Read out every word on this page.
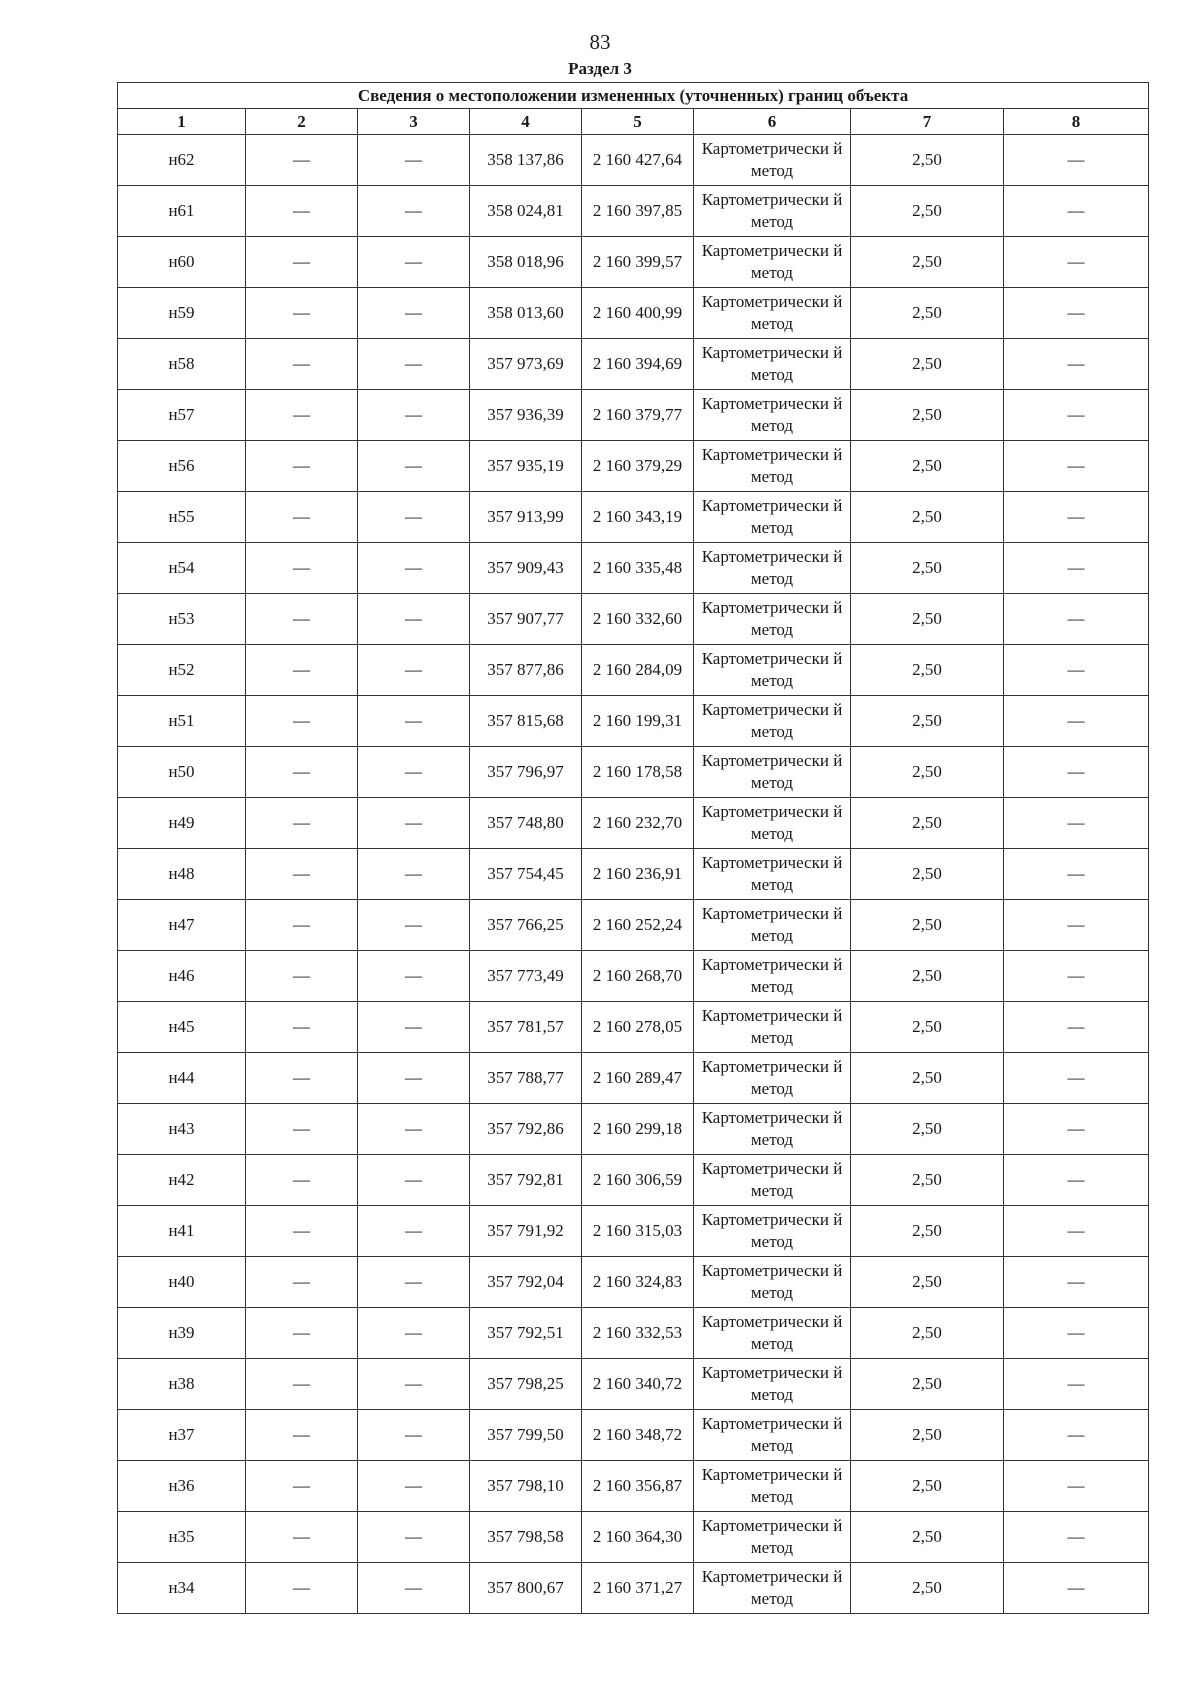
83
Раздел 3
Сведения о местоположении измененных (уточненных) границ объекта							
1	2	3	4	5	6	7	8
н62	—	—	358 137,86	2 160 427,64	Картометрически й метод	2,50	—
н61	—	—	358 024,81	2 160 397,85	Картометрически й метод	2,50	—
н60	—	—	358 018,96	2 160 399,57	Картометрически й метод	2,50	—
н59	—	—	358 013,60	2 160 400,99	Картометрически й метод	2,50	—
н58	—	—	357 973,69	2 160 394,69	Картометрически й метод	2,50	—
н57	—	—	357 936,39	2 160 379,77	Картометрически й метод	2,50	—
н56	—	—	357 935,19	2 160 379,29	Картометрически й метод	2,50	—
н55	—	—	357 913,99	2 160 343,19	Картометрически й метод	2,50	—
н54	—	—	357 909,43	2 160 335,48	Картометрически й метод	2,50	—
н53	—	—	357 907,77	2 160 332,60	Картометрически й метод	2,50	—
н52	—	—	357 877,86	2 160 284,09	Картометрически й метод	2,50	—
н51	—	—	357 815,68	2 160 199,31	Картометрически й метод	2,50	—
н50	—	—	357 796,97	2 160 178,58	Картометрически й метод	2,50	—
н49	—	—	357 748,80	2 160 232,70	Картометрически й метод	2,50	—
н48	—	—	357 754,45	2 160 236,91	Картометрически й метод	2,50	—
н47	—	—	357 766,25	2 160 252,24	Картометрически й метод	2,50	—
н46	—	—	357 773,49	2 160 268,70	Картометрически й метод	2,50	—
н45	—	—	357 781,57	2 160 278,05	Картометрически й метод	2,50	—
н44	—	—	357 788,77	2 160 289,47	Картометрически й метод	2,50	—
н43	—	—	357 792,86	2 160 299,18	Картометрически й метод	2,50	—
н42	—	—	357 792,81	2 160 306,59	Картометрически й метод	2,50	—
н41	—	—	357 791,92	2 160 315,03	Картометрически й метод	2,50	—
н40	—	—	357 792,04	2 160 324,83	Картометрически й метод	2,50	—
н39	—	—	357 792,51	2 160 332,53	Картометрически й метод	2,50	—
н38	—	—	357 798,25	2 160 340,72	Картометрически й метод	2,50	—
н37	—	—	357 799,50	2 160 348,72	Картометрически й метод	2,50	—
н36	—	—	357 798,10	2 160 356,87	Картометрически й метод	2,50	—
н35	—	—	357 798,58	2 160 364,30	Картометрически й метод	2,50	—
н34	—	—	357 800,67	2 160 371,27	Картометрически й метод	2,50	—
